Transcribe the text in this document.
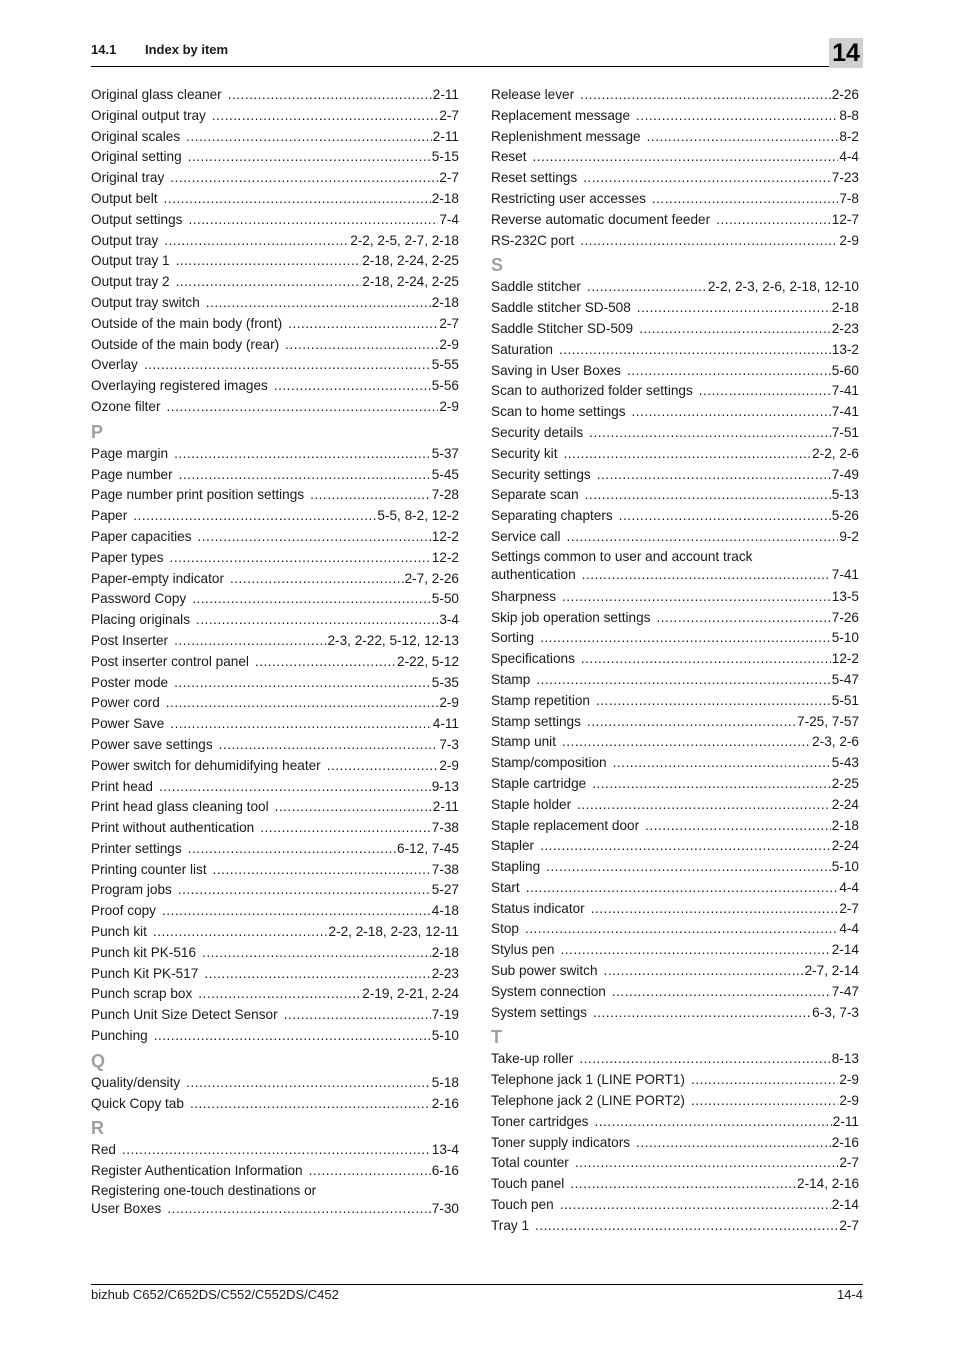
14.1 Index by item	14
Original glass cleaner .....	2-11
Original output tray .....	2-7
Original scales .....	2-11
Original setting .....	5-15
Original tray .....	2-7
Output belt .....	2-18
Output settings .....	7-4
Output tray .....	2-2, 2-5, 2-7, 2-18
Output tray 1 .....	2-18, 2-24, 2-25
Output tray 2 .....	2-18, 2-24, 2-25
Output tray switch .....	2-18
Outside of the main body (front) .....	2-7
Outside of the main body (rear) .....	2-9
Overlay .....	5-55
Overlaying registered images .....	5-56
Ozone filter .....	2-9
P
Page margin .....	5-37
Page number .....	5-45
Page number print position settings .....	7-28
Paper .....	5-5, 8-2, 12-2
Paper capacities .....	12-2
Paper types .....	12-2
Paper-empty indicator .....	2-7, 2-26
Password Copy .....	5-50
Placing originals .....	3-4
Post Inserter .....	2-3, 2-22, 5-12, 12-13
Post inserter control panel .....	2-22, 5-12
Poster mode .....	5-35
Power cord .....	2-9
Power Save .....	4-11
Power save settings .....	7-3
Power switch for dehumidifying heater .....	2-9
Print head .....	9-13
Print head glass cleaning tool .....	2-11
Print without authentication .....	7-38
Printer settings .....	6-12, 7-45
Printing counter list .....	7-38
Program jobs .....	5-27
Proof copy .....	4-18
Punch kit .....	2-2, 2-18, 2-23, 12-11
Punch kit PK-516 .....	2-18
Punch Kit PK-517 .....	2-23
Punch scrap box .....	2-19, 2-21, 2-24
Punch Unit Size Detect Sensor .....	7-19
Punching .....	5-10
Q
Quality/density .....	5-18
Quick Copy tab .....	2-16
R
Red .....	13-4
Register Authentication Information .....	6-16
Registering one-touch destinations or
User Boxes .....	7-30
Release lever .....	2-26
Replacement message .....	8-8
Replenishment message .....	8-2
Reset .....	4-4
Reset settings .....	7-23
Restricting user accesses .....	7-8
Reverse automatic document feeder .....	12-7
RS-232C port .....	2-9
S
Saddle stitcher .....	2-2, 2-3, 2-6, 2-18, 12-10
Saddle stitcher SD-508 .....	2-18
Saddle Stitcher SD-509 .....	2-23
Saturation .....	13-2
Saving in User Boxes .....	5-60
Scan to authorized folder settings .....	7-41
Scan to home settings .....	7-41
Security details .....	7-51
Security kit .....	2-2, 2-6
Security settings .....	7-49
Separate scan .....	5-13
Separating chapters .....	5-26
Service call .....	9-2
Settings common to user and account track
authentication .....	7-41
Sharpness .....	13-5
Skip job operation settings .....	7-26
Sorting .....	5-10
Specifications .....	12-2
Stamp .....	5-47
Stamp repetition .....	5-51
Stamp settings .....	7-25, 7-57
Stamp unit .....	2-3, 2-6
Stamp/composition .....	5-43
Staple cartridge .....	2-25
Staple holder .....	2-24
Staple replacement door .....	2-18
Stapler .....	2-24
Stapling .....	5-10
Start .....	4-4
Status indicator .....	2-7
Stop .....	4-4
Stylus pen .....	2-14
Sub power switch .....	2-7, 2-14
System connection .....	7-47
System settings .....	6-3, 7-3
T
Take-up roller .....	8-13
Telephone jack 1 (LINE PORT1) .....	2-9
Telephone jack 2 (LINE PORT2) .....	2-9
Toner cartridges .....	2-11
Toner supply indicators .....	2-16
Total counter .....	2-7
Touch panel .....	2-14, 2-16
Touch pen .....	2-14
Tray 1 .....	2-7
bizhub C652/C652DS/C552/C552DS/C452	14-4
